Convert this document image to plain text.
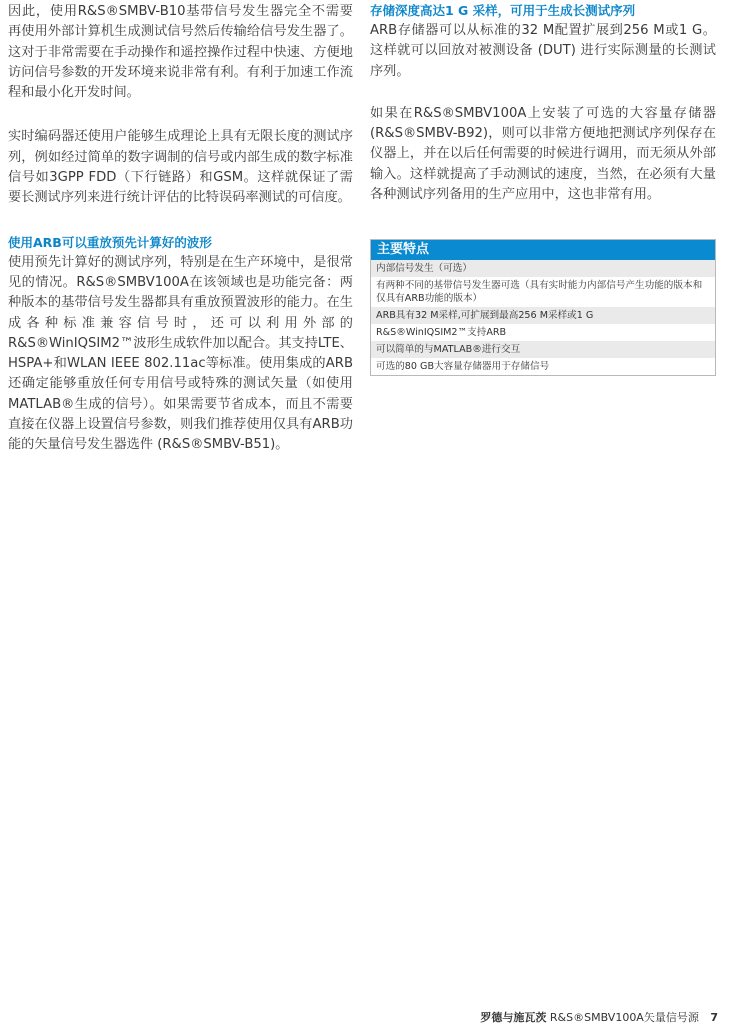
因此，使用R&S®SMBV-B10基带信号发生器完全不需要再使用外部计算机生成测试信号然后传输给信号发生器了。这对于非常需要在手动操作和遥控操作过程中快速、方便地访问信号参数的开发环境来说非常有利。有利于加速工作流程和最小化开发时间。

实时编码器还使用户能够生成理论上具有无限长度的测试序列，例如经过简单的数字调制的信号或内部生成的数字标准信号如3GPP FDD（下行链路）和GSM。这样就保证了需要长测试序列来进行统计评估的比特误码率测试的可信度。

使用ARB可以重放预先计算好的波形

使用预先计算好的测试序列，特别是在生产环境中，是很常见的情况。R&S®SMBV100A在该领域也是功能完备：两种版本的基带信号发生器都具有重放预置波形的能力。在生成各种标准兼容信号时，还可以利用外部的R&S®WinIQSIM2™波形生成软件加以配合。其支持LTE、HSPA+和WLAN IEEE 802.11ac等标准。使用集成的ARB还确定能够重放任何专用信号或特殊的测试矢量（如使用MATLAB®生成的信号）。如果需要节省成本，而且不需要直接在仪器上设置信号参数，则我们推荐使用仅具有ARB功能的矢量信号发生器选件 (R&S®SMBV-B51)。

存储深度高达1 G 采样，可用于生成长测试序列

ARB存储器可以从标准的32 M配置扩展到256 M或1 G。这样就可以回放对被测设备 (DUT) 进行实际测量的长测试序列。

如果在R&S®SMBV100A上安装了可选的大容量存储器 (R&S®SMBV-B92)，则可以非常方便地把测试序列保存在仪器上，并在以后任何需要的时候进行调用，而无须从外部输入。这样就提高了手动测试的速度，当然，在必须有大量各种测试序列备用的生产应用中，这也非常有用。

主要特点
内部信号发生（可选）
有两种不同的基带信号发生器可选（具有实时能力内部信号产生功能的版本和仅具有ARB功能的版本）
ARB具有32 M采样,可扩展到最高256 M采样或1 G
R&S®WinIQSIM2™支持ARB
可以简单的与MATLAB®进行交互
可选的80 GB大容量存储器用于存储信号
罗德与施瓦茨 R&S®SMBV100A矢量信号源 7
